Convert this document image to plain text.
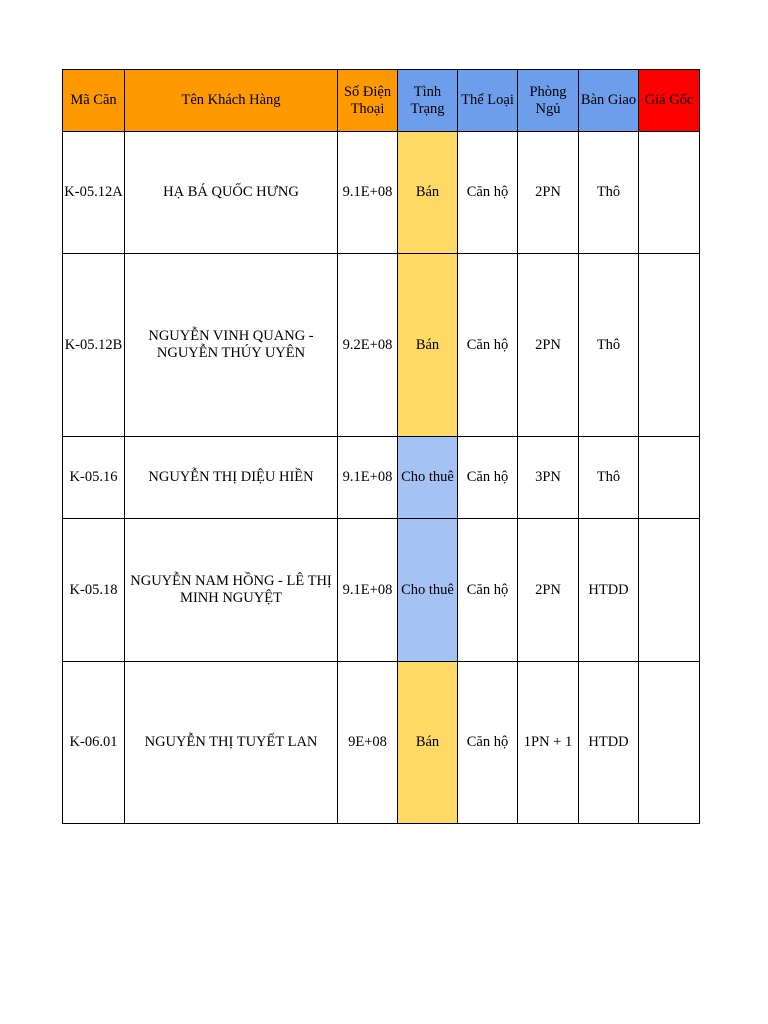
Mã Căn	Tên Khách Hàng	Số Điện Thoại	Tình Trạng	Thể Loại	Phòng Ngủ	Bàn Giao	Giá Gốc
K-05.12A	HẠ BÁ QUỐC HƯNG	9.1E+08	Bán	Căn hộ	2PN	Thô	
K-05.12B	NGUYỄN VINH QUANG - NGUYỄN THÚY UYÊN	9.2E+08	Bán	Căn hộ	2PN	Thô	
K-05.16	NGUYỄN THỊ DIỆU HIỀN	9.1E+08	Cho thuê	Căn hộ	3PN	Thô	
K-05.18	NGUYỄN NAM HỒNG - LÊ THỊ MINH NGUYỆT	9.1E+08	Cho thuê	Căn hộ	2PN	HTDD	
K-06.01	NGUYỄN THỊ TUYẾT LAN	9E+08	Bán	Căn hộ	1PN + 1	HTDD	
